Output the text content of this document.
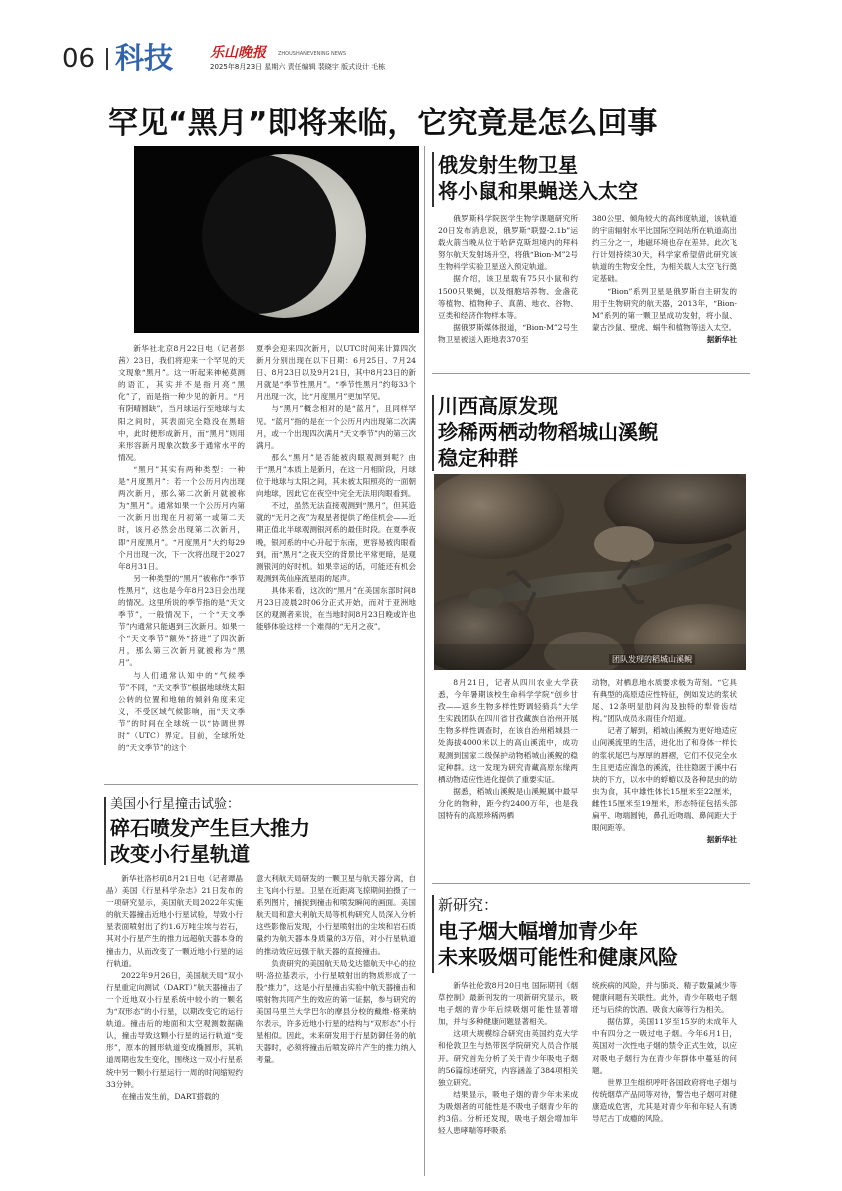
06 科技	乐山晚报 ZHOUSHANEVENING NEWS
2025年8月23日 星期六 责任编辑 裴晓宇 版式设计 毛栋
罕见“黑月”即将来临，它究竟是怎么回事

新华社北京8月22日电（记者彭茜）23日，我们将迎来一个罕见的天文现象“黑月”。这一听起来神秘莫测的语汇，其实并不是指月亮“黑化”了，而是指一种少见的新月。“月有阴晴圆缺”，当月球运行至地球与太阳之间时，其表面完全隐没在黑暗中，此时便形成新月，而“黑月”则用来形容新月现象次数多于通常水平的情况。

“黑月”其实有两种类型：一种是“月度黑月”：若一个公历月内出现两次新月，那么第二次新月就被称为“黑月”。通常如果一个公历月内第一次新月出现在月初第一或第二天时，该月必然会出现第二次新月，即“月度黑月”。“月度黑月”大约每29个月出现一次，下一次将出现于2027年8月31日。

另一种类型的“黑月”被称作“季节性黑月”，这也是今年8月23日会出现的情况。这里所说的季节指的是“天文季节”，一般情况下，一个“天文季节”内通常只能遇到三次新月。如果一个“天文季节”额外“挤进”了四次新月，那么第三次新月就被称为“黑月”。

与人们通常认知中的“气候季节”不同，“天文季节”根据地球绕太阳公转的位置和地轴的倾斜角度来定义，不受区域气候影响，而“天文季节”的时间在全球统一以“协调世界时”（UTC）界定。目前，全球所处的“天文季节”的这个

夏季会迎来四次新月，以UTC时间来计算四次新月分别出现在以下日期：6月25日、7月24日、8月23日以及9月21日，其中8月23日的新月就是“季节性黑月”。“季节性黑月”约每33个月出现一次，比“月度黑月”更加罕见。

与“黑月”概念相对的是“蓝月”，且同样罕见。“蓝月”指的是在一个公历月内出现第二次满月，或一个出现四次满月“天文季节”内的第三次满月。

那么“黑月”是否能被肉眼观测到呢？由于“黑月”本质上是新月，在这一月相阶段，月球位于地球与太阳之间，其未被太阳照亮的一面朝向地球，因此它在夜空中完全无法用肉眼看到。

不过，虽然无法直接观测到“黑月”，但其造就的“无月之夜”为观星者提供了绝佳机会——近期正值北半球观测银河系的最佳时段。在夏季夜晚，银河系的中心升起于东南，更容易被肉眼看到，而“黑月”之夜天空的背景比平常更暗，是观测银河的好时机。如果幸运的话，可能还有机会观测到英仙座流星雨的尾声。

具体来看，这次的“黑月”在美国东部时间8月23日凌晨2时06分正式开始，而对于亚洲地区的观测者来说，在当地时间8月23日晚或许也能够体验这样一个难得的“无月之夜”。

俄发射生物卫星
将小鼠和果蝇送入太空

俄罗斯科学院医学生物学课题研究所20日发布消息说，俄罗斯“联盟-2.1b”运载火箭当晚从位于哈萨克斯坦境内的拜科努尔航天发射场升空，将俄“Bion-M”2号生物科学实验卫星送入预定轨道。

据介绍，该卫星载有75只小鼠和约1500只果蝇，以及细胞培养物、金盏花等植物、植物种子、真菌、地衣、谷物、豆类和经济作物样本等。

据俄罗斯媒体报道，“Bion-M”2号生物卫星被送入距地表370至

380公里、倾角较大的高纬度轨道，该轨道的宇宙辐射水平比国际空间站所在轨道高出约三分之一，地磁环境也存在差异。此次飞行计划持续30天，科学家希望借此研究该轨道的生物安全性，为相关载人太空飞行奠定基础。

“Bion”系列卫星是俄罗斯自主研发的用于生物研究的航天器，2013年，“Bion-M”系列的第一颗卫星成功发射，将小鼠、蒙古沙鼠、壁虎、蜗牛和植物等送入太空。

据新华社
川西高原发现
珍稀两栖动物稻城山溪鲵
稳定种群
团队发现的稻城山溪鲵

8月21日，记者从四川农业大学获悉，今年暑期该校生命科学学院“创乡甘孜——返乡生物多样性野调轻骑兵”大学生实践团队在四川省甘孜藏族自治州开展生物多样性调查时，在该自治州稻城县一处海拔4000米以上的高山溪流中，成功观测到国家二级保护动物稻城山溪鲵的稳定种群。这一发现为研究青藏高原东缘两栖动物适应性进化提供了重要实证。

据悉，稻城山溪鲵是山溪鲵属中最早分化的物种，距今约2400万年，也是我国特有的高原珍稀两栖

动物，对栖息地水质要求极为苛刻。“它具有典型的高原适应性特征，例如发达的浆状尾、12条明显肋间沟及独特的犁骨齿结构。”团队成员永雨佳介绍道。

记者了解到，稻城山溪鲵为更好地适应山间溪流里的生活，进化出了和身体一样长的浆状尾巴与厚厚的唇褶，它们不仅完全水生且更适应湍急的溪流，往往隐匿于溪中石块的下方，以水中的蜉蝣以及各种昆虫的幼虫为食，其中雄性体长15厘米至22厘米，雌性15厘米至19厘米，形态特征包括头部扁平、吻端圆钝，鼻孔近吻端、鼻间距大于眼间距等。

据新华社
美国小行星撞击试验：
碎石喷发产生巨大推力
改变小行星轨道

新华社洛杉矶8月21日电（记者谭晶晶）美国《行星科学杂志》21日发布的一项研究显示，美国航天局2022年实施的航天器撞击近地小行星试验，导致小行星表面喷射出了约1.6万吨尘埃与岩石，其对小行星产生的推力远超航天器本身的撞击力，从而改变了一颗近地小行星的运行轨道。

2022年9月26日，美国航天局“双小行星重定向测试（DART）”航天器撞击了一个近地双小行星系统中较小的一颗名为“双形态”的小行星，以期改变它的运行轨道。撞击后的地面和太空观测数据确认，撞击导致这颗小行星的运行轨道“变形”，原本的圆形轨道变成椭圆形，其轨道周期也发生变化，围绕这一双小行星系统中另一颗小行星运行一周的时间缩短约33分钟。

在撞击发生前，DART搭载的

意大利航天局研发的一颗卫星与航天器分离，自主飞向小行星。卫星在近距离飞掠期间拍摄了一系列图片，捕捉到撞击和喷发瞬间的画面。美国航天局和意大利航天局等机构研究人员深入分析这些影像后发现，小行星喷射出的尘埃和岩石质量约为航天器本身质量的3万倍，对小行星轨道的推动效应远强于航天器的直接撞击。

负责研究的美国航天局戈达德航天中心的拉明·洛拉基表示，小行星喷射出的物质形成了一股“推力”，这是小行星撞击实验中航天器撞击和喷射物共同产生的效应的第一证据，参与研究的美国马里兰大学巴尔的摩县分校的戴维·格莱纳尔表示，许多近地小行星的结构与“双形态”小行星相似。因此，未来研发用于行星防御任务的航天器时，必须将撞击后喷发碎片产生的推力纳入考量。

新研究：
电子烟大幅增加青少年
未来吸烟可能性和健康风险

新华社伦敦8月20日电 国际期刊《烟草控制》最新刊发的一项新研究显示，吸电子烟的青少年后续吸烟可能性显著增加，并与多种健康问题显著相关。

这项大规模综合研究由英国约克大学和伦敦卫生与热带医学院研究人员合作展开。研究首先分析了关于青少年吸电子烟的56篇综述研究，内容涵盖了384项相关独立研究。

结果显示，吸电子烟的青少年未来成为吸烟者的可能性是不吸电子烟青少年的约3倍。分析还发现，吸电子烟会增加年轻人患哮喘等呼吸系

统疾病的风险，并与肺炎、精子数量减少等健康问题有关联性。此外，青少年吸电子烟还与后续的饮酒、吸食大麻等行为相关。

据估算，美国11岁至15岁的未成年人中有四分之一吸过电子烟。今年6月1日，英国对一次性电子烟的禁令正式生效，以应对吸电子烟行为在青少年群体中蔓延的问题。

世界卫生组织呼吁各国政府将电子烟与传统烟草产品同等对待，警告电子烟可对健康造成危害，尤其是对青少年和年轻人有诱导尼古丁成瘾的风险。
